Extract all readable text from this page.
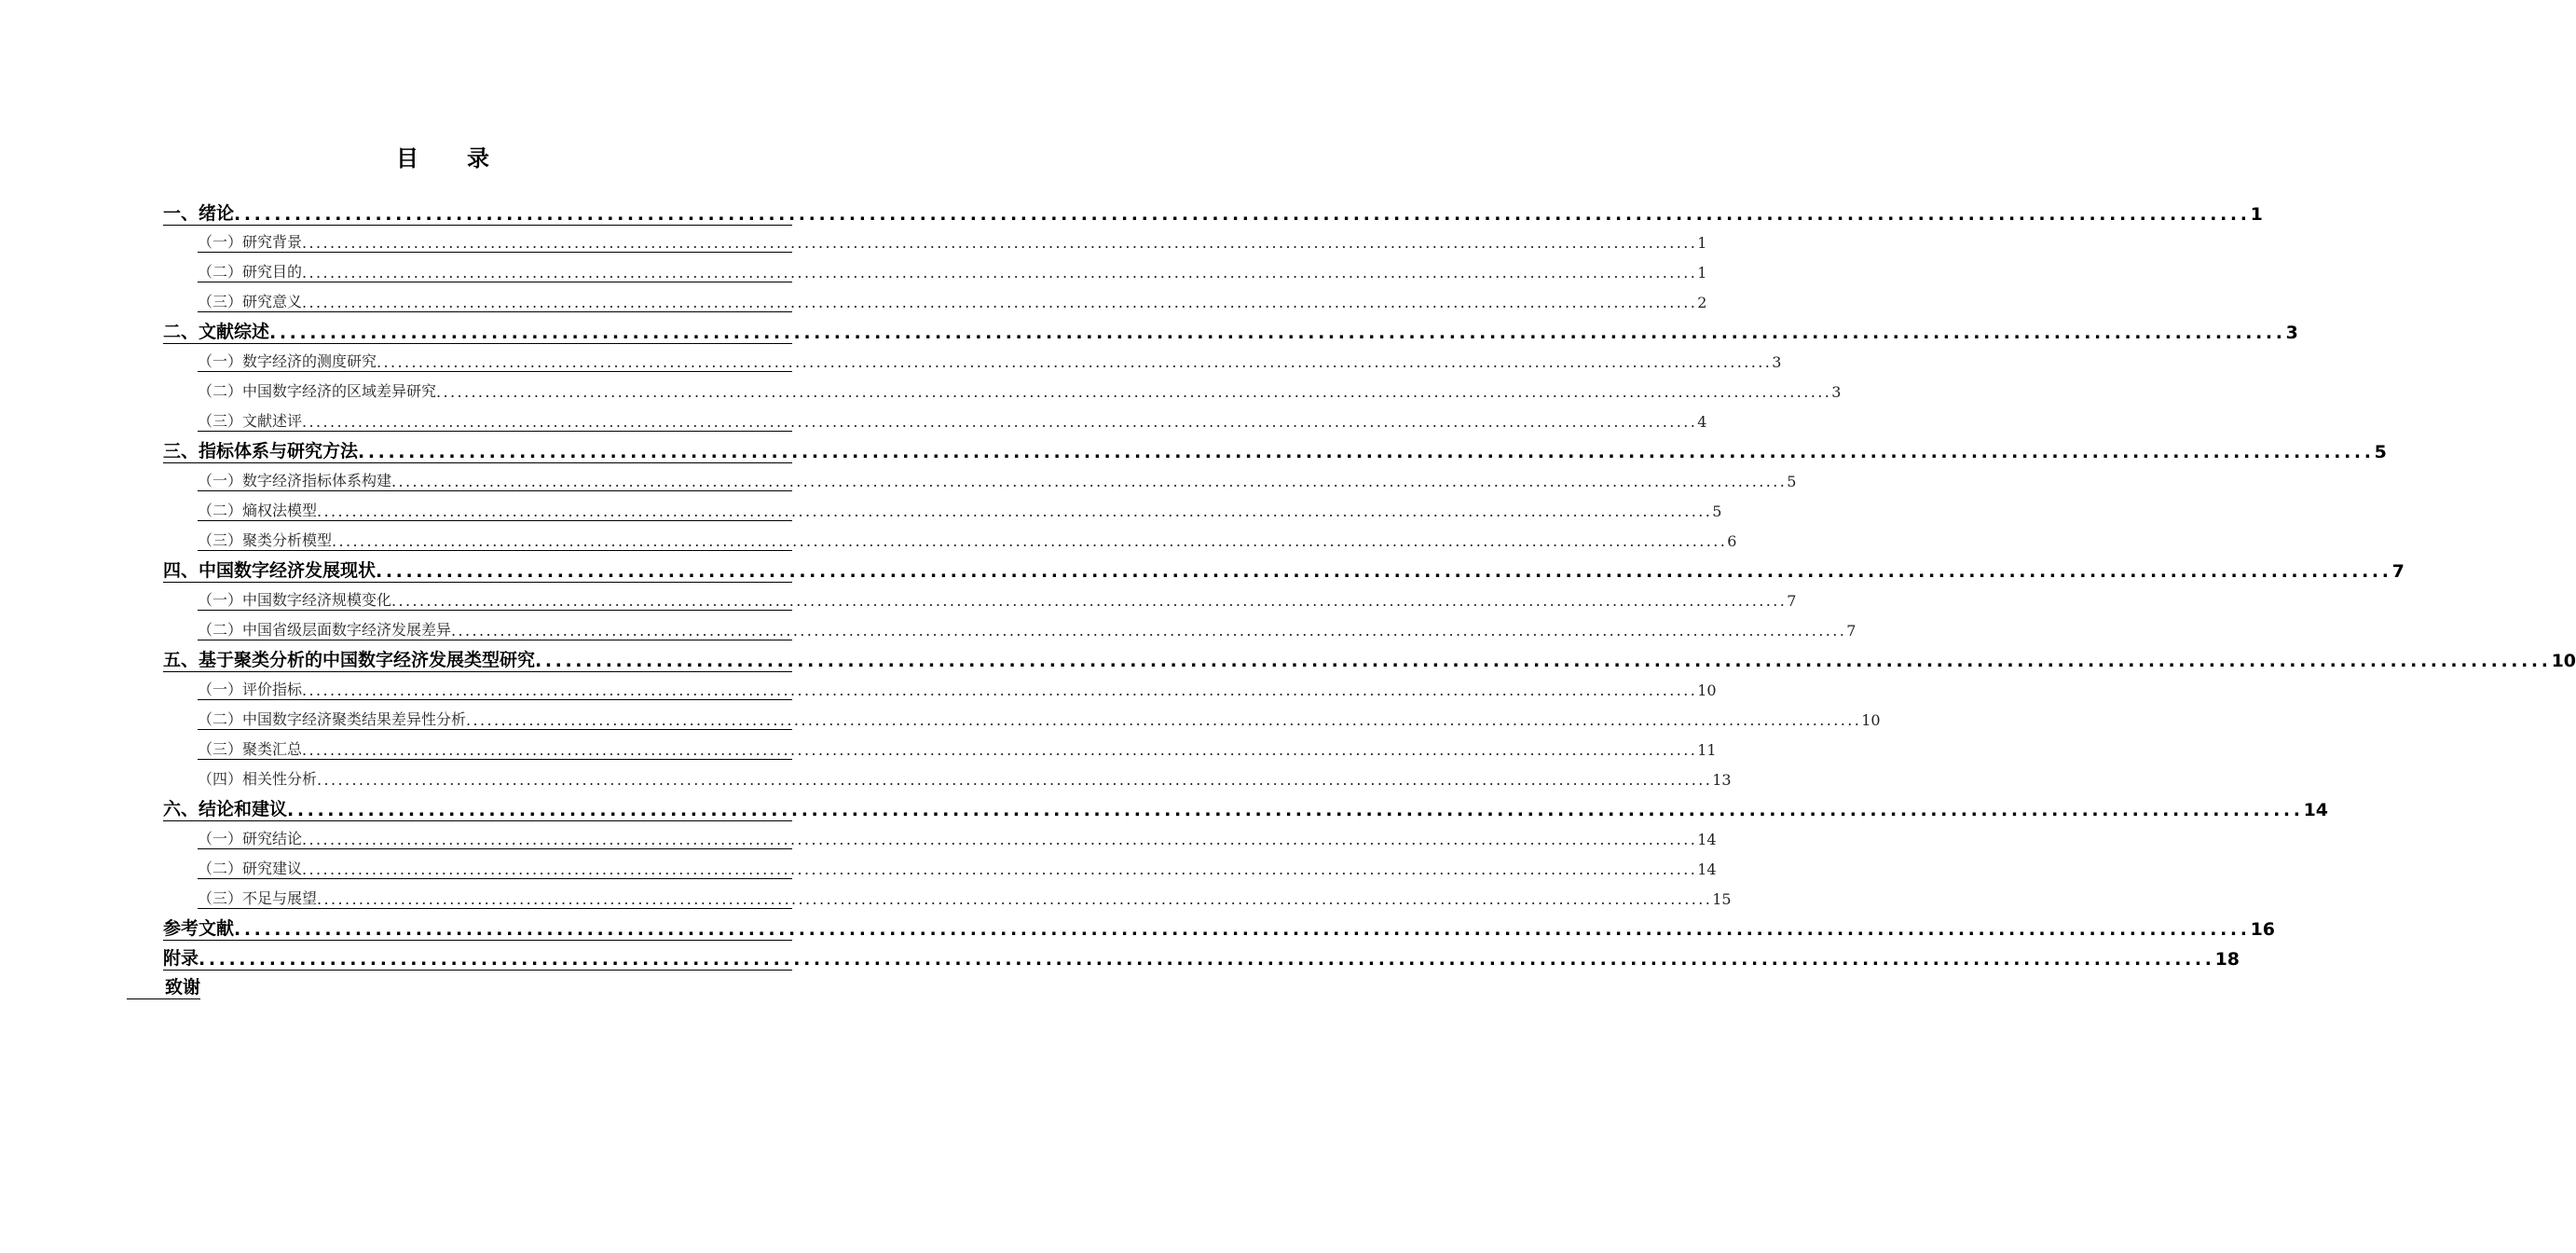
目 录
一、绪论 ........................................................................................................................................................................................................ 1
（一）研究背景 ........................................................................................................................................................................................................ 1
（二）研究目的 ........................................................................................................................................................................................................ 1
（三）研究意义 ........................................................................................................................................................................................................ 2
二、文献综述 ........................................................................................................................................................................................................ 3
（一）数字经济的测度研究 ........................................................................................................................................................................................................ 3
（二）中国数字经济的区域差异研究 ........................................................................................................................................................................................................ 3
（三）文献述评 ........................................................................................................................................................................................................ 4
三、指标体系与研究方法 ........................................................................................................................................................................................................ 5
（一）数字经济指标体系构建 ........................................................................................................................................................................................................ 5
（二）熵权法模型 ........................................................................................................................................................................................................ 5
（三）聚类分析模型 ........................................................................................................................................................................................................ 6
四、中国数字经济发展现状 ........................................................................................................................................................................................................ 7
（一）中国数字经济规模变化 ........................................................................................................................................................................................................ 7
（二）中国省级层面数字经济发展差异 ........................................................................................................................................................................................................ 7
五、基于聚类分析的中国数字经济发展类型研究 ........................................................................................................................................................................................................ 10
（一）评价指标 ........................................................................................................................................................................................................ 10
（二）中国数字经济聚类结果差异性分析 ........................................................................................................................................................................................................ 10
（三）聚类汇总 ........................................................................................................................................................................................................ 11
（四）相关性分析 ........................................................................................................................................................................................................ 13
六、结论和建议 ........................................................................................................................................................................................................ 14
（一）研究结论 ........................................................................................................................................................................................................ 14
（二）研究建议 ........................................................................................................................................................................................................ 14
（三）不足与展望 ........................................................................................................................................................................................................ 15
参考文献 ........................................................................................................................................................................................................ 16
附录 ........................................................................................................................................................................................................ 18
致谢
